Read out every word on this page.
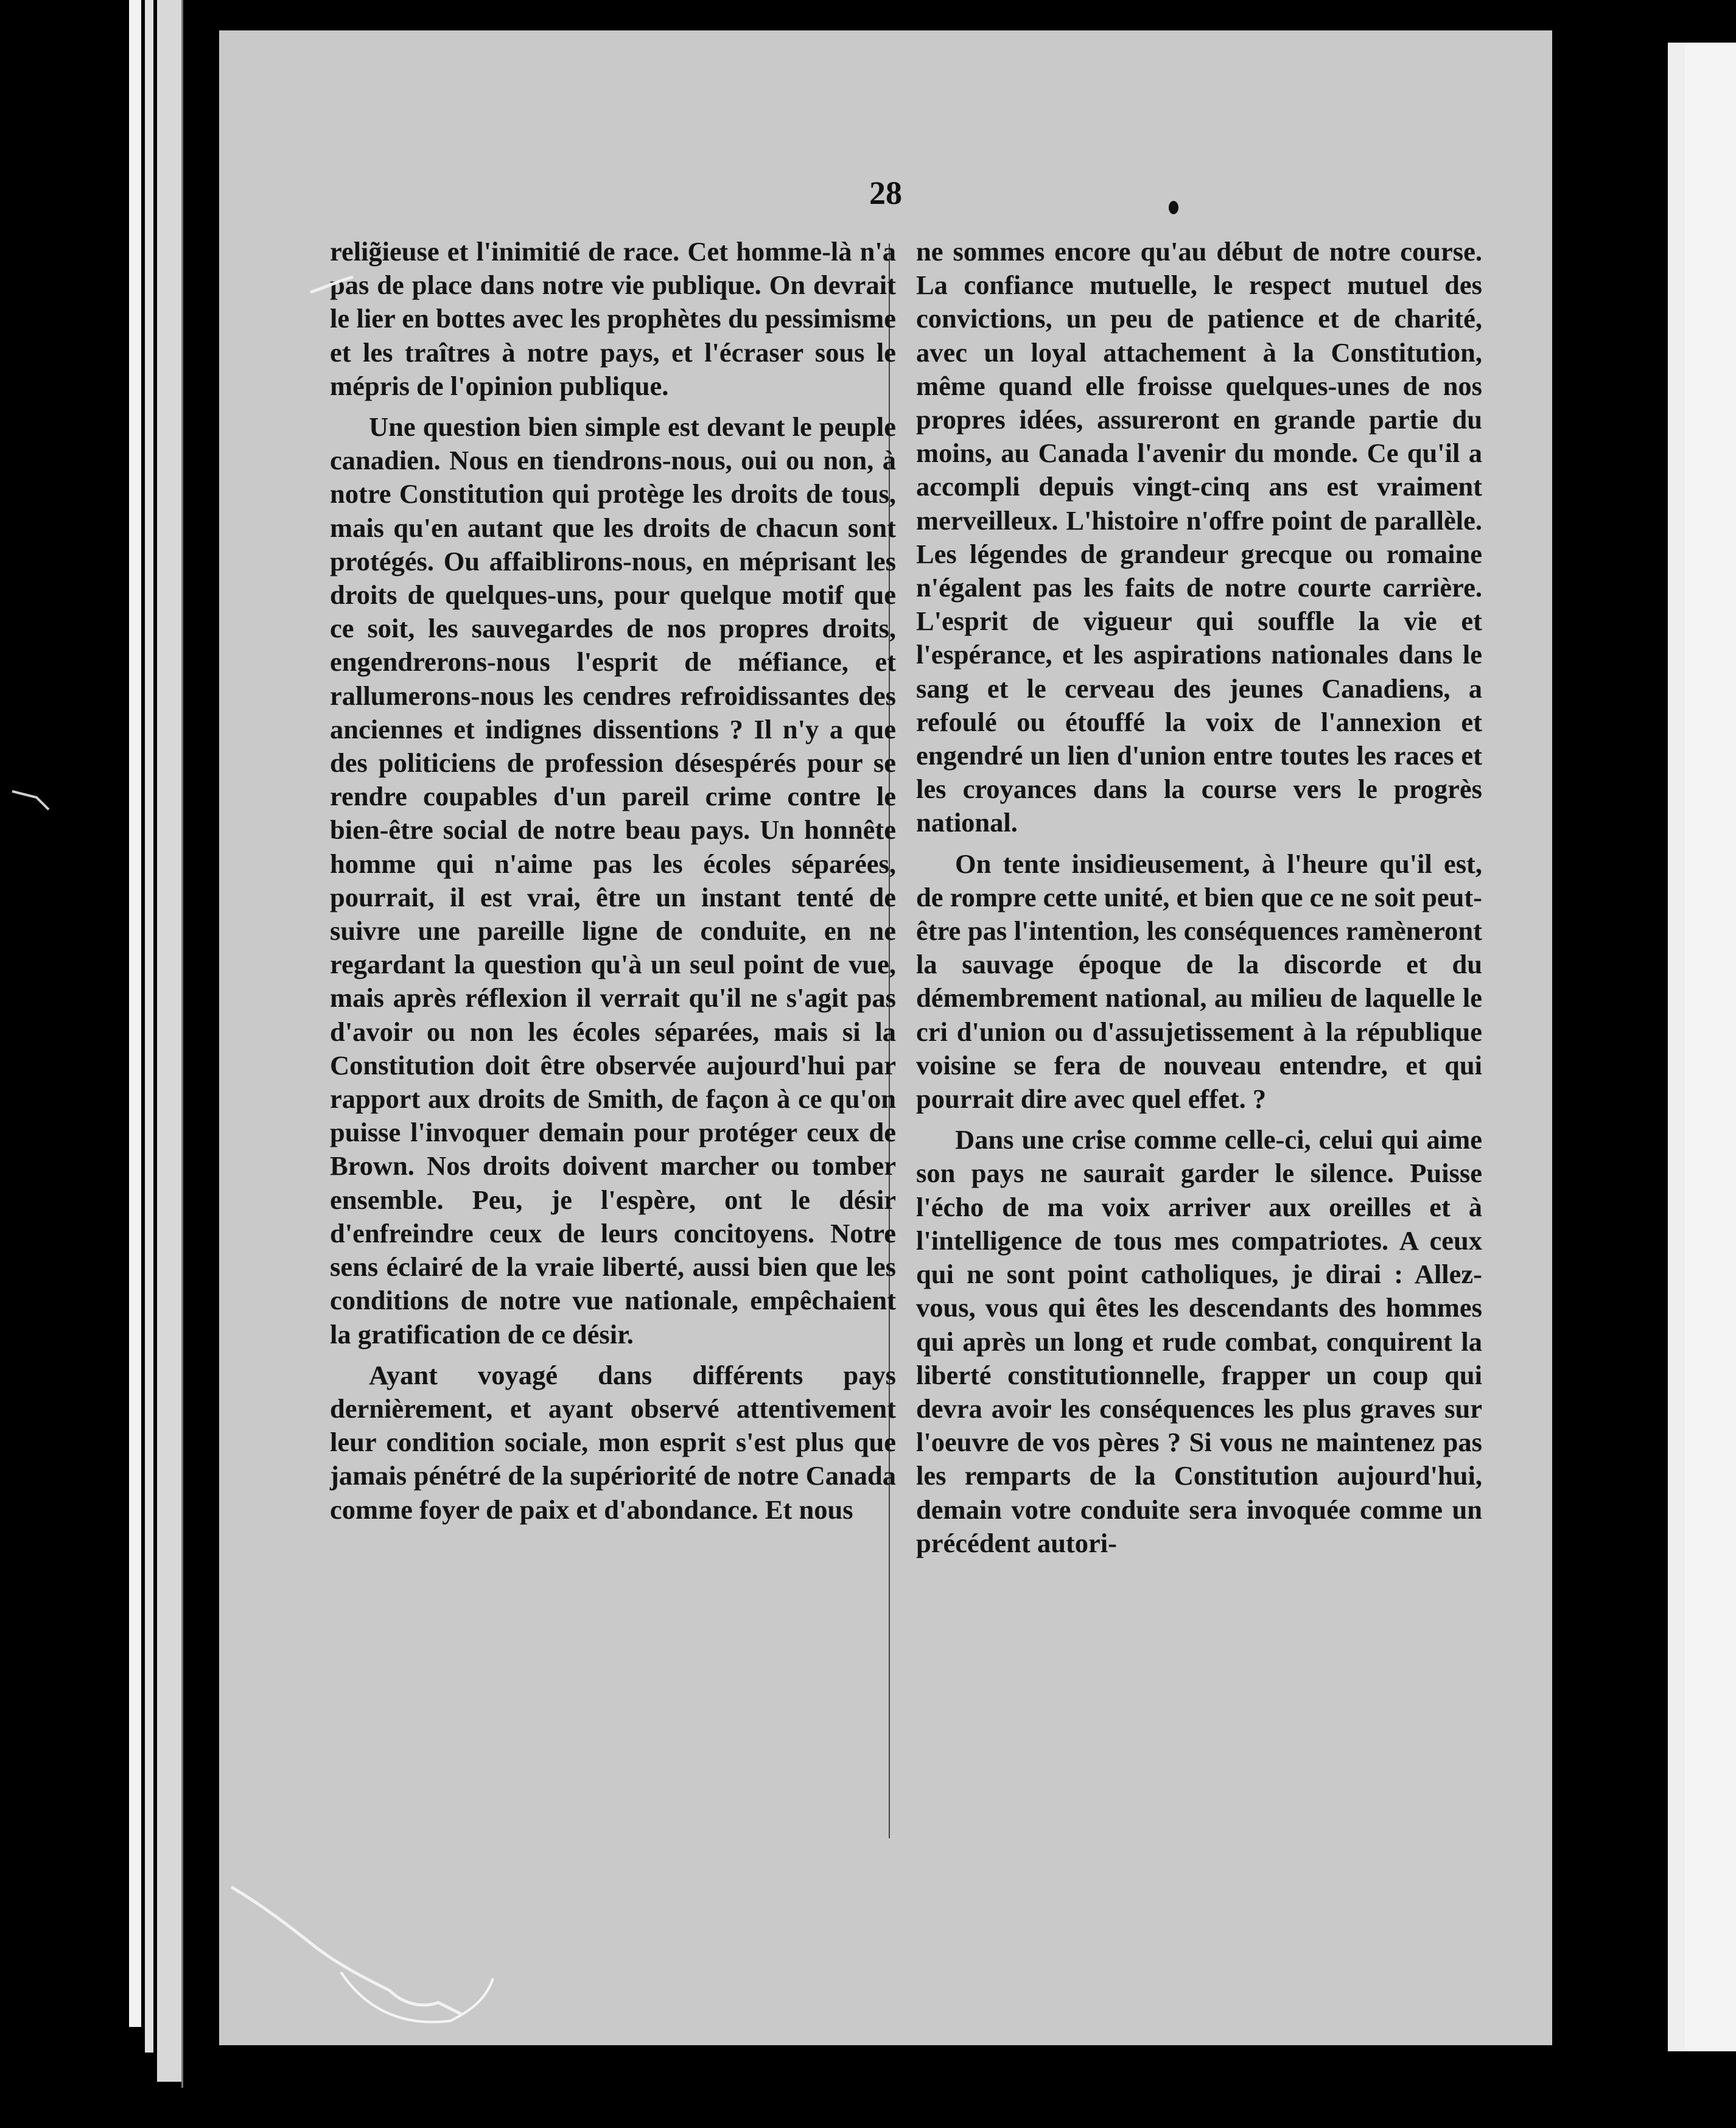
28

relig̃ieuse et l'inimitié de race. Cet homme-là n'a pas de place dans notre vie publique. On devrait le lier en bottes avec les prophètes du pessimisme et les traîtres à notre pays, et l'écraser sous le mépris de l'opinion publique.

Une question bien simple est devant le peuple canadien. Nous en tiendrons-nous, oui ou non, à notre Constitution qui protège les droits de tous, mais qu'en autant que les droits de chacun sont protégés. Ou affaiblirons-nous, en méprisant les droits de quelques-uns, pour quelque motif que ce soit, les sauvegardes de nos propres droits, engendrerons-nous l'esprit de méfiance, et rallumerons-nous les cendres refroidissantes des anciennes et indignes dissentions ? Il n'y a que des politiciens de profession désespérés pour se rendre coupables d'un pareil crime contre le bien-être social de notre beau pays. Un honnête homme qui n'aime pas les écoles séparées, pourrait, il est vrai, être un instant tenté de suivre une pareille ligne de conduite, en ne regardant la question qu'à un seul point de vue, mais après réflexion il verrait qu'il ne s'agit pas d'avoir ou non les écoles séparées, mais si la Constitution doit être observée aujourd'hui par rapport aux droits de Smith, de façon à ce qu'on puisse l'invoquer demain pour protéger ceux de Brown. Nos droits doivent marcher ou tomber ensemble. Peu, je l'espère, ont le désir d'enfreindre ceux de leurs concitoyens. Notre sens éclairé de la vraie liberté, aussi bien que les conditions de notre vue nationale, empêchaient la gratification de ce désir.

Ayant voyagé dans différents pays dernièrement, et ayant observé attentivement leur condition sociale, mon esprit s'est plus que jamais pénétré de la supériorité de notre Canada comme foyer de paix et d'abondance. Et nous

ne sommes encore qu'au début de notre course. La confiance mutuelle, le respect mutuel des convictions, un peu de patience et de charité, avec un loyal attachement à la Constitution, même quand elle froisse quelques-unes de nos propres idées, assureront en grande partie du moins, au Canada l'avenir du monde. Ce qu'il a accompli depuis vingt-cinq ans est vraiment merveilleux. L'histoire n'offre point de parallèle. Les légendes de grandeur grecque ou romaine n'égalent pas les faits de notre courte carrière. L'esprit de vigueur qui souffle la vie et l'espérance, et les aspirations nationales dans le sang et le cerveau des jeunes Canadiens, a refoulé ou étouffé la voix de l'annexion et engendré un lien d'union entre toutes les races et les croyances dans la course vers le progrès national.

On tente insidieusement, à l'heure qu'il est, de rompre cette unité, et bien que ce ne soit peut-être pas l'intention, les conséquences ramèneront la sauvage époque de la discorde et du démembrement national, au milieu de laquelle le cri d'union ou d'assujetissement à la république voisine se fera de nouveau entendre, et qui pourrait dire avec quel effet. ?

Dans une crise comme celle-ci, celui qui aime son pays ne saurait garder le silence. Puisse l'écho de ma voix arriver aux oreilles et à l'intelligence de tous mes compatriotes. A ceux qui ne sont point catholiques, je dirai : Allez-vous, vous qui êtes les descendants des hommes qui après un long et rude combat, conquirent la liberté constitutionnelle, frapper un coup qui devra avoir les conséquences les plus graves sur l'oeuvre de vos pères ? Si vous ne maintenez pas les remparts de la Constitution aujourd'hui, demain votre conduite sera invoquée comme un précédent autori-
